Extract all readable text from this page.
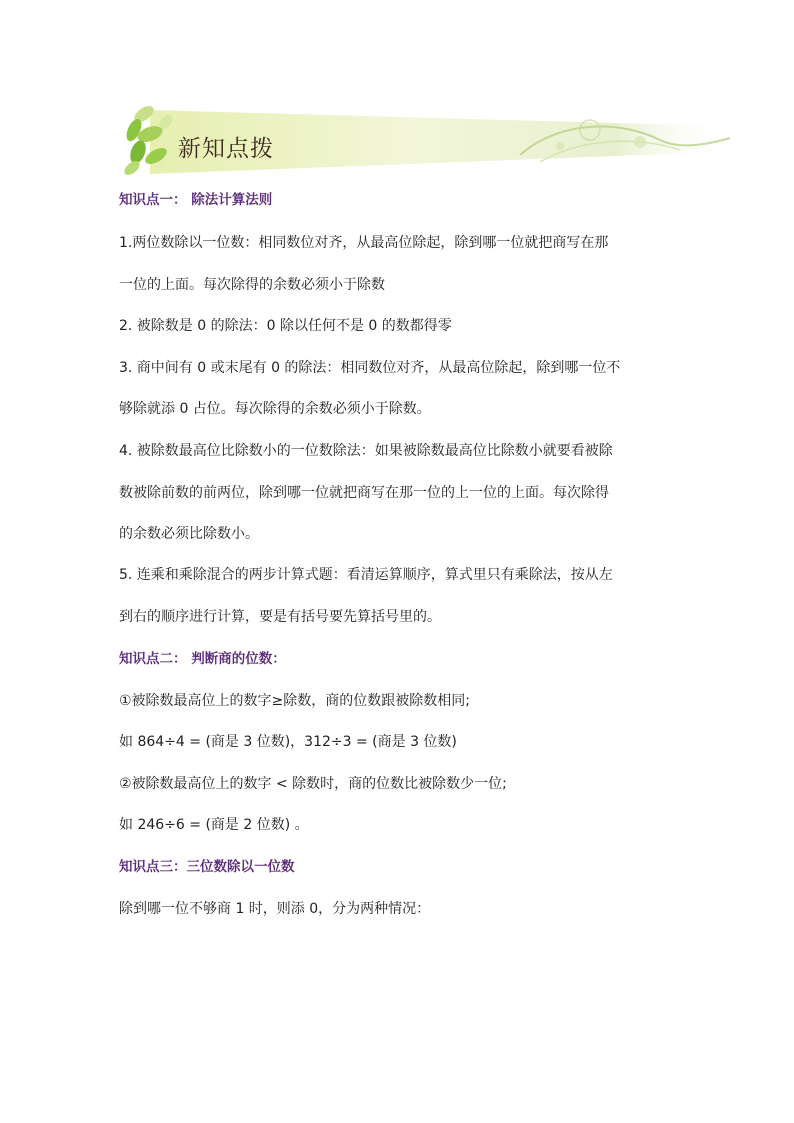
新知点拨
知识点一： 除法计算法则
1.两位数除以一位数：相同数位对齐，从最高位除起，除到哪一位就把商写在那
一位的上面。每次除得的余数必须小于除数
2. 被除数是 0 的除法：0 除以任何不是 0 的数都得零
3. 商中间有 0 或末尾有 0 的除法：相同数位对齐，从最高位除起，除到哪一位不
够除就添 0 占位。每次除得的余数必须小于除数。
4. 被除数最高位比除数小的一位数除法：如果被除数最高位比除数小就要看被除
数被除前数的前两位，除到哪一位就把商写在那一位的上一位的上面。每次除得
的余数必须比除数小。
5. 连乘和乘除混合的两步计算式题：看清运算顺序，算式里只有乘除法，按从左
到右的顺序进行计算，要是有括号要先算括号里的。
知识点二： 判断商的位数：
①被除数最高位上的数字≥除数，商的位数跟被除数相同;
如 864÷4 = (商是 3 位数)，312÷3 = (商是 3 位数)
②被除数最高位上的数字 < 除数时，商的位数比被除数少一位;
如 246÷6 = (商是 2 位数) 。
知识点三：三位数除以一位数
除到哪一位不够商 1 时，则添 0，分为两种情况：
